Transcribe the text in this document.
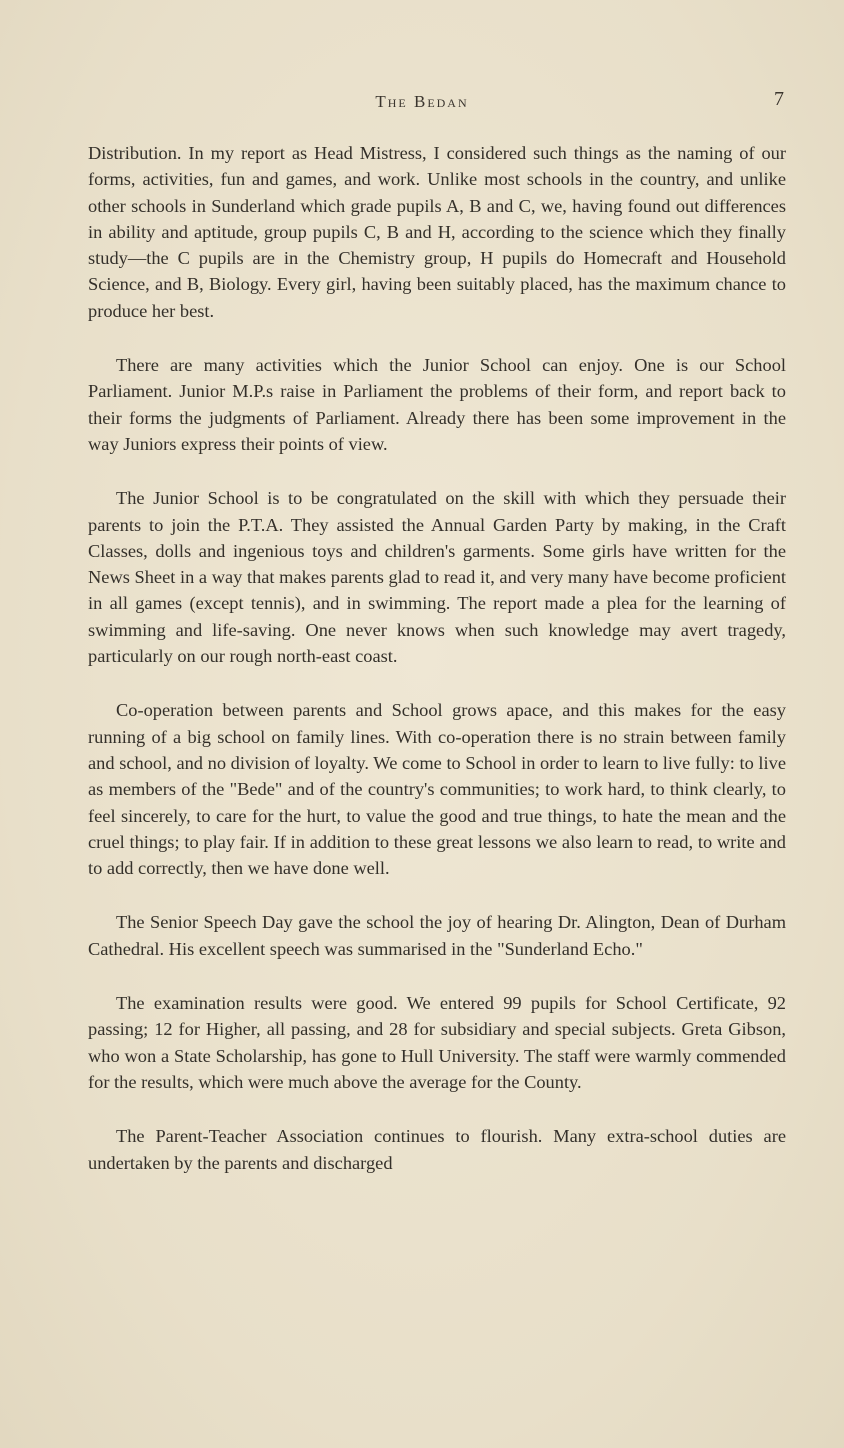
The Bedan	7

Distribution. In my report as Head Mistress, I considered such things as the naming of our forms, activities, fun and games, and work. Unlike most schools in the country, and unlike other schools in Sunderland which grade pupils A, B and C, we, having found out differences in ability and aptitude, group pupils C, B and H, according to the science which they finally study—the C pupils are in the Chemistry group, H pupils do Homecraft and Household Science, and B, Biology. Every girl, having been suitably placed, has the maximum chance to produce her best.

There are many activities which the Junior School can enjoy. One is our School Parliament. Junior M.P.s raise in Parliament the problems of their form, and report back to their forms the judgments of Parliament. Already there has been some improvement in the way Juniors express their points of view.

The Junior School is to be congratulated on the skill with which they persuade their parents to join the P.T.A. They assisted the Annual Garden Party by making, in the Craft Classes, dolls and ingenious toys and children's garments. Some girls have written for the News Sheet in a way that makes parents glad to read it, and very many have become proficient in all games (except tennis), and in swimming. The report made a plea for the learning of swimming and life-saving. One never knows when such knowledge may avert tragedy, particularly on our rough north-east coast.

Co-operation between parents and School grows apace, and this makes for the easy running of a big school on family lines. With co-operation there is no strain between family and school, and no division of loyalty. We come to School in order to learn to live fully: to live as members of the "Bede" and of the country's communities; to work hard, to think clearly, to feel sincerely, to care for the hurt, to value the good and true things, to hate the mean and the cruel things; to play fair. If in addition to these great lessons we also learn to read, to write and to add correctly, then we have done well.

The Senior Speech Day gave the school the joy of hearing Dr. Alington, Dean of Durham Cathedral. His excellent speech was summarised in the "Sunderland Echo."

The examination results were good. We entered 99 pupils for School Certificate, 92 passing; 12 for Higher, all passing, and 28 for subsidiary and special subjects. Greta Gibson, who won a State Scholarship, has gone to Hull University. The staff were warmly commended for the results, which were much above the average for the County.

The Parent-Teacher Association continues to flourish. Many extra-school duties are undertaken by the parents and discharged
